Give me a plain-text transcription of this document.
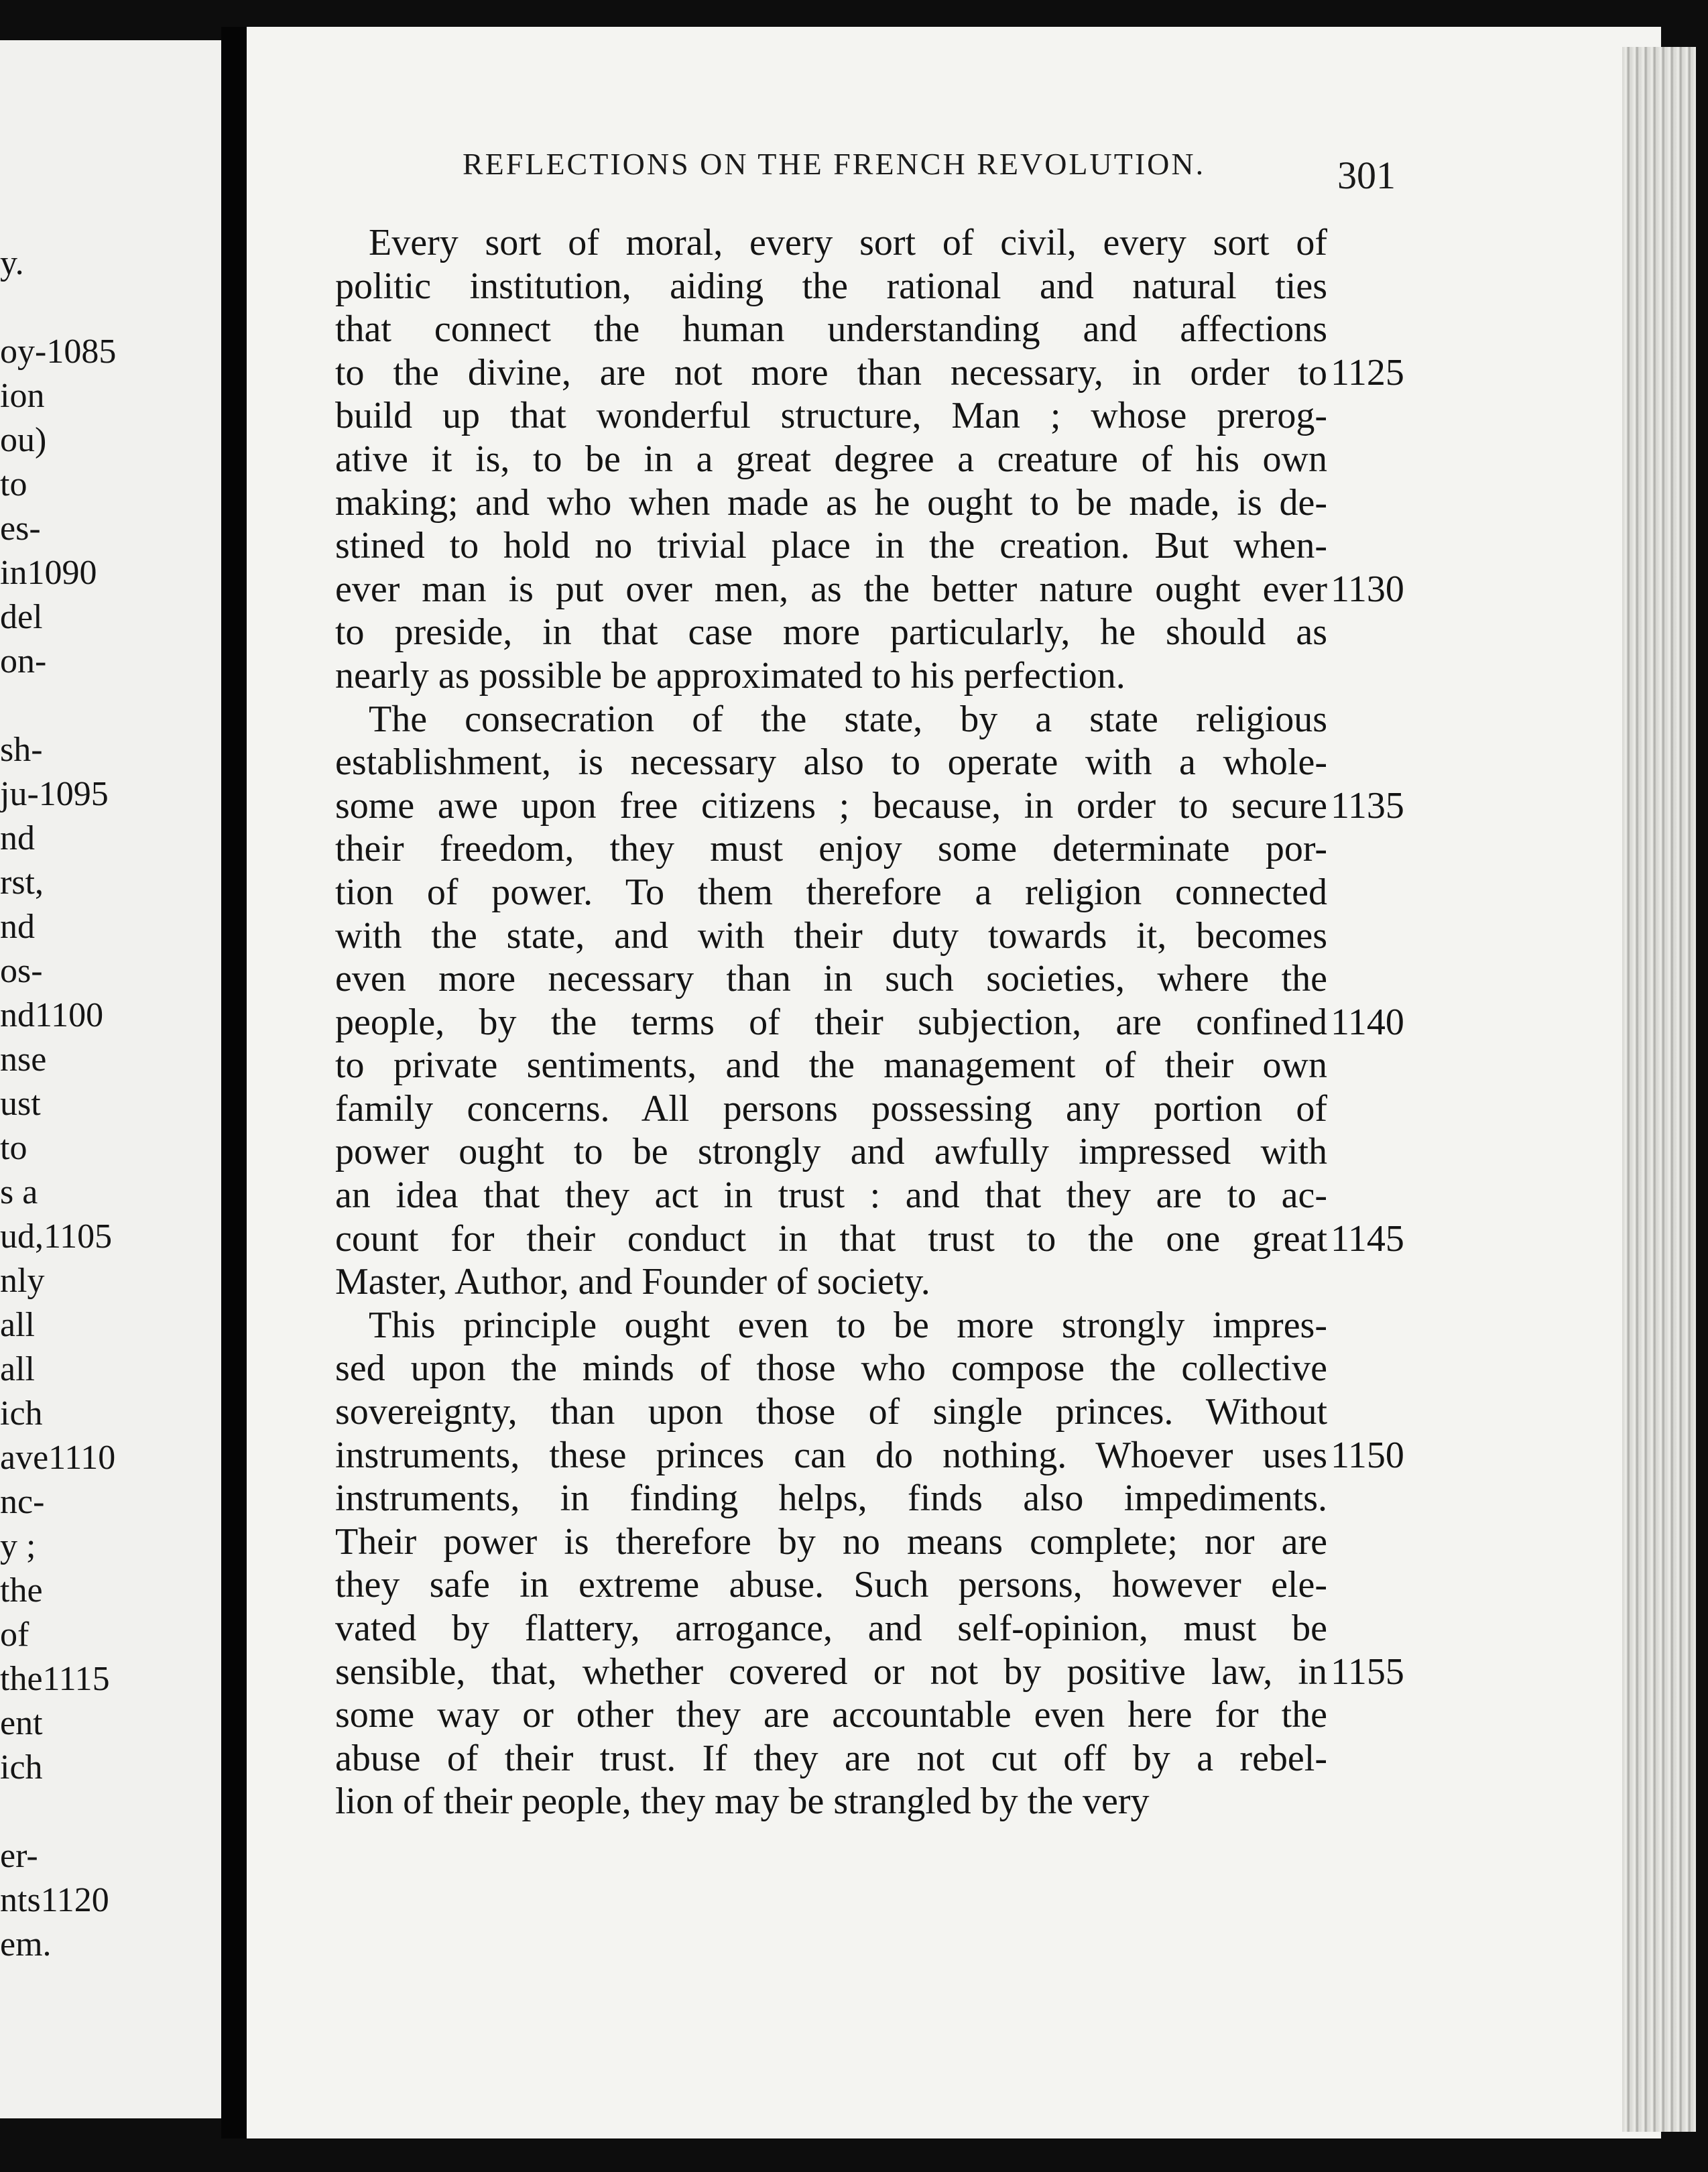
y.
oy-1085
ion
ou)
to
es-
in1090
del
on-
sh-
ju-1095
nd
rst,
nd
os-
nd1100
nse
ust
to
s a
ud,1105
nly
all
all
ich
ave1110
nc-
y ;
the
of
the1115
ent
ich
er-
nts1120
em.
REFLECTIONS ON THE FRENCH REVOLUTION.	301
Every sort of moral, every sort of civil, every sort of
politic institution, aiding the rational and natural ties
that connect the human understanding and affections
to the divine, are not more than necessary, in order to
build up that wonderful structure, Man ; whose prerog-
ative it is, to be in a great degree a creature of his own
making; and who when made as he ought to be made, is de-
stined to hold no trivial place in the creation. But when-
ever man is put over men, as the better nature ought ever
to preside, in that case more particularly, he should as
nearly as possible be approximated to his perfection.
The consecration of the state, by a state religious
establishment, is necessary also to operate with a whole-
some awe upon free citizens ; because, in order to secure
their freedom, they must enjoy some determinate por-
tion of power. To them therefore a religion connected
with the state, and with their duty towards it, becomes
even more necessary than in such societies, where the
people, by the terms of their subjection, are confined
to private sentiments, and the management of their own
family concerns. All persons possessing any portion of
power ought to be strongly and awfully impressed with
an idea that they act in trust : and that they are to ac-
count for their conduct in that trust to the one great
Master, Author, and Founder of society.
This principle ought even to be more strongly impres-
sed upon the minds of those who compose the collective
sovereignty, than upon those of single princes. Without
instruments, these princes can do nothing. Whoever uses
instruments, in finding helps, finds also impediments.
Their power is therefore by no means complete; nor are
they safe in extreme abuse. Such persons, however ele-
vated by flattery, arrogance, and self-opinion, must be
sensible, that, whether covered or not by positive law, in
some way or other they are accountable even here for the
abuse of their trust. If they are not cut off by a rebel-
lion of their people, they may be strangled by the very
1125
1130
1135
1140
1145
1150
1155
